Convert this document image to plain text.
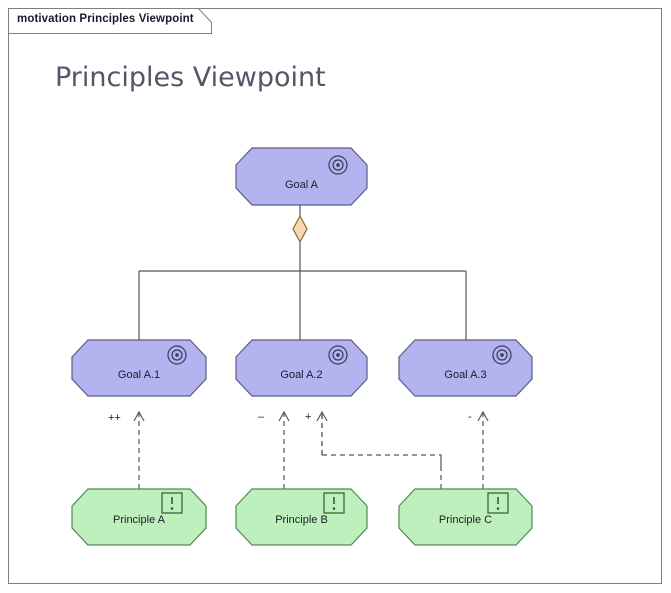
motivation Principles Viewpoint
Principles Viewpoint
Goal A
Goal A.1	Goal A.2	Goal A.3
Principle A	Principle B	Principle C
++	–	+	-
